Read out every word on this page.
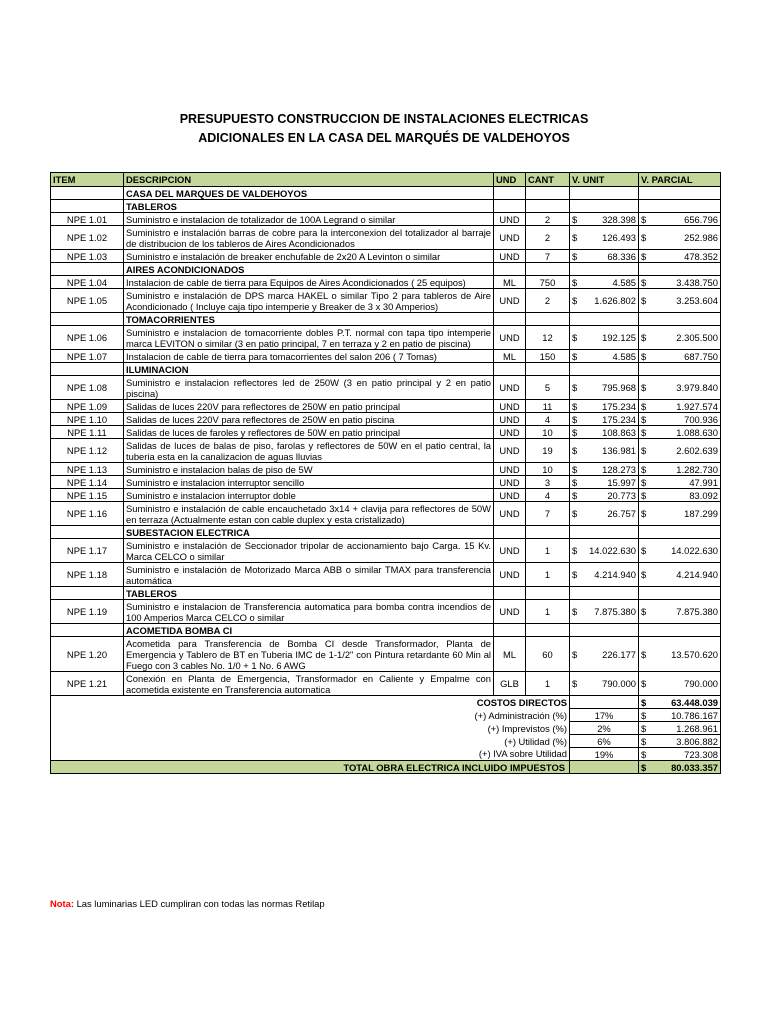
PRESUPUESTO CONSTRUCCION DE INSTALACIONES ELECTRICAS
ADICIONALES EN LA CASA DEL MARQUÉS DE VALDEHOYOS
ITEM	DESCRIPCION	UND	CANT	V. UNIT	V. PARCIAL
	CASA DEL MARQUES DE VALDEHOYOS				
	TABLEROS				
NPE 1.01	Suministro e instalacion de totalizador de 100A Legrand o similar	UND	2	$ 328.398	$ 656.796

NPE 1.02	Suministro e instalación barras de cobre para la interconexion del totalizador al barraje de distribucion de los tableros de Aires Acondicionados	UND	2	$ 126.493	$ 252.986

NPE 1.03	Suministro e instalación de breaker enchufable de 2x20 A Levinton o similar	UND	7	$ 68.336	$ 478.352

	AIRES ACONDICIONADOS				
NPE 1.04	Instalacion de cable de tierra para Equipos de Aires Acondicionados ( 25 equipos)	ML	750	$ 4.585	$ 3.438.750

NPE 1.05	Suministro e instalación de DPS marca HAKEL o similar Tipo 2 para tableros de Aire Acondicionado ( Incluye caja tipo intemperie y Breaker de 3 x 30 Amperios)	UND	2	$ 1.626.802	$ 3.253.604

	TOMACORRIENTES				
NPE 1.06	Suministro e instalacion de tomacorriente dobles P.T. normal con tapa tipo intemperie marca LEVITON o similar (3 en patio principal, 7 en terraza y 2 en patio de piscina)	UND	12	$ 192.125	$ 2.305.500

NPE 1.07	Instalacion de cable de tierra para tomacorrientes del salon 206 ( 7 Tomas)	ML	150	$ 4.585	$ 687.750

	ILUMINACION				
NPE 1.08	Suministro e instalacion reflectores led de 250W (3 en patio principal y 2 en patio piscina)	UND	5	$ 795.968	$ 3.979.840

NPE 1.09	Salidas de luces 220V para reflectores de 250W en patio principal	UND	11	$ 175.234	$ 1.927.574

NPE 1.10	Salidas de luces 220V para reflectores de 250W en patio piscina	UND	4	$ 175.234	$ 700.936

NPE 1.11	Salidas de luces de faroles y reflectores de 50W en patio principal	UND	10	$ 108.863	$ 1.088.630

NPE 1.12	Salidas de luces de balas de piso, farolas y reflectores de 50W en el patio central, la tuberia esta en la canalizacion de aguas lluvias	UND	19	$ 136.981	$ 2.602.639

NPE 1.13	Suministro e instalacion balas de piso de 5W	UND	10	$ 128.273	$ 1.282.730

NPE 1.14	Suministro e instalacion interruptor sencillo	UND	3	$ 15.997	$ 47.991

NPE 1.15	Suministro e instalacion interruptor doble	UND	4	$ 20.773	$ 83.092

NPE 1.16	Suministro e instalación de cable encauchetado 3x14 + clavija para reflectores de 50W en terraza (Actualmente estan con cable duplex y esta cristalizado)	UND	7	$ 26.757	$ 187.299

	SUBESTACION ELECTRICA				
NPE 1.17	Suministro e instalación de Seccionador tripolar de accionamiento bajo Carga. 15 Kv. Marca CELCO o similar	UND	1	$ 14.022.630	$ 14.022.630

NPE 1.18	Suministro e instalación de Motorizado Marca ABB o similar TMAX para transferencia automática	UND	1	$ 4.214.940	$ 4.214.940

	TABLEROS				
NPE 1.19	Suministro e instalacion de Transferencia automatica para bomba contra incendios de 100 Amperios Marca CELCO o similar	UND	1	$ 7.875.380	$ 7.875.380

	ACOMETIDA BOMBA CI				
NPE 1.20	Acometida para Transferencia de Bomba CI desde Transformador, Planta de Emergencia y Tablero de BT en Tuberia IMC de 1-1/2" con Pintura retardante 60 Min al Fuego con 3 cables No. 1/0 + 1 No. 6 AWG	ML	60	$ 226.177	$ 13.570.620

NPE 1.21	Conexión en Planta de Emergencia, Transformador en Caliente y Empalme con acometida existente en Transferencia automatica	GLB	1	$ 790.000	$ 790.000

COSTOS DIRECTOS					$ 63.448.039

(+) Administración (%)				17%	$ 10.786.167

(+) Imprevistos (%)				2%	$ 1.268.961

(+) Utilidad (%)				6%	$ 3.806.882

(+) IVA sobre Utilidad				19%	$ 723.308

TOTAL OBRA ELECTRICA INCLUIDO IMPUESTOS					$ 80.033.357
Nota: Las luminarias LED cumpliran con todas las normas Retilap
